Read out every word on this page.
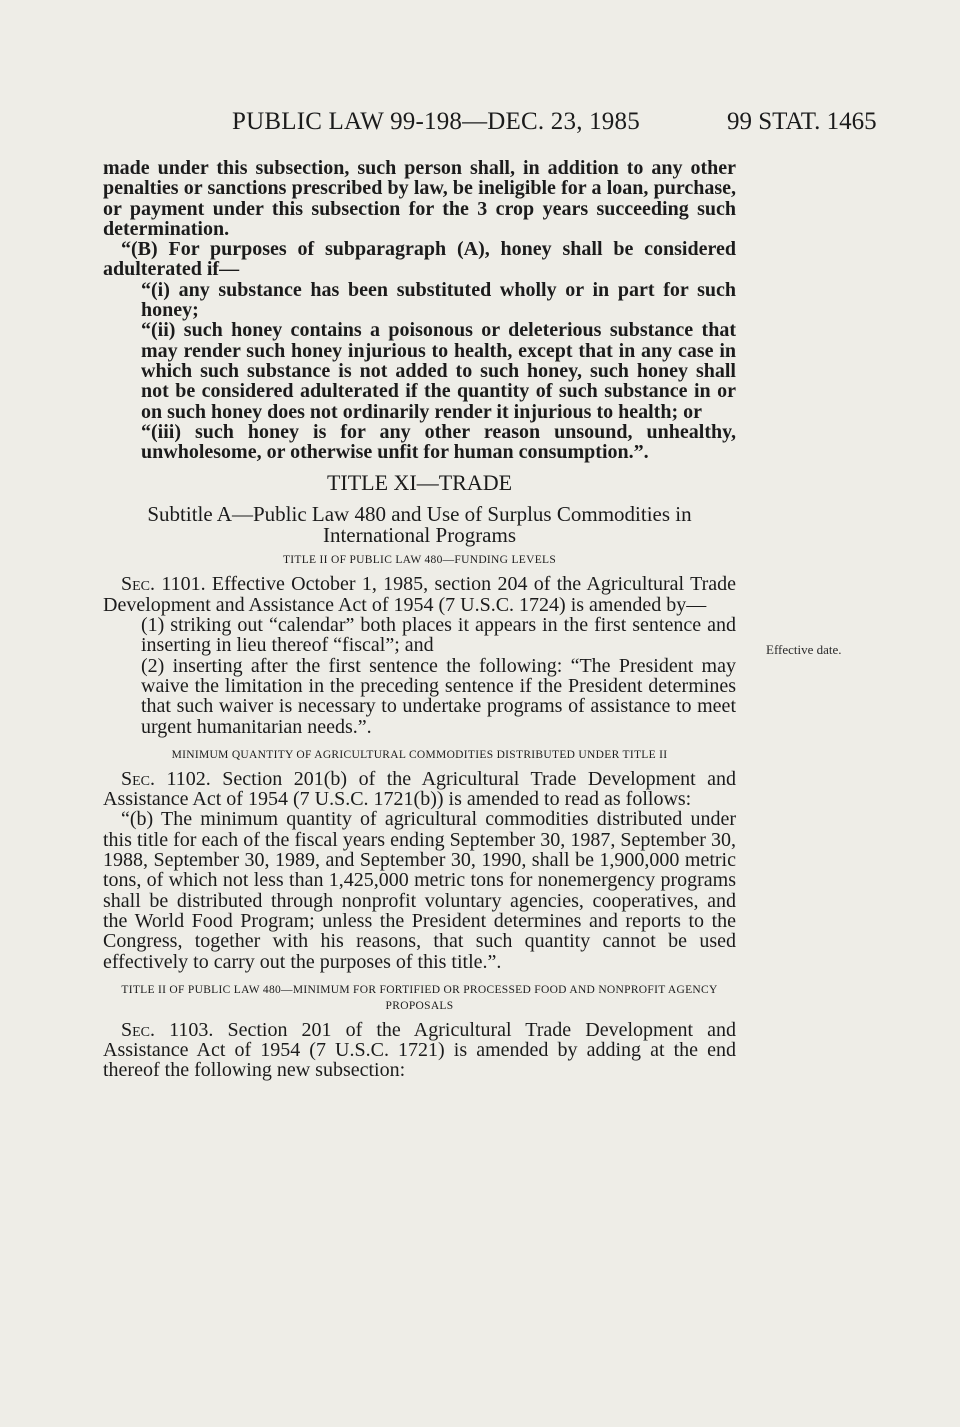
PUBLIC LAW 99-198—DEC. 23, 1985	99 STAT. 1465
Effective date.

made under this subsection, such person shall, in addition to any other penalties or sanctions prescribed by law, be ineligible for a loan, purchase, or payment under this subsection for the 3 crop years succeeding such determination.

“(B) For purposes of subparagraph (A), honey shall be considered adulterated if—

“(i) any substance has been substituted wholly or in part for such honey;

“(ii) such honey contains a poisonous or deleterious substance that may render such honey injurious to health, except that in any case in which such substance is not added to such honey, such honey shall not be considered adulterated if the quantity of such substance in or on such honey does not ordinarily render it injurious to health; or

“(iii) such honey is for any other reason unsound, unhealthy, unwholesome, or otherwise unfit for human consumption.”.

TITLE XI—TRADE

Subtitle A—Public Law 480 and Use of Surplus Commodities in International Programs

TITLE II OF PUBLIC LAW 480—FUNDING LEVELS

Sec. 1101. Effective October 1, 1985, section 204 of the Agricultural Trade Development and Assistance Act of 1954 (7 U.S.C. 1724) is amended by—

(1) striking out “calendar” both places it appears in the first sentence and inserting in lieu thereof “fiscal”; and

(2) inserting after the first sentence the following: “The President may waive the limitation in the preceding sentence if the President determines that such waiver is necessary to undertake programs of assistance to meet urgent humanitarian needs.”.

MINIMUM QUANTITY OF AGRICULTURAL COMMODITIES DISTRIBUTED UNDER TITLE II

Sec. 1102. Section 201(b) of the Agricultural Trade Development and Assistance Act of 1954 (7 U.S.C. 1721(b)) is amended to read as follows:

“(b) The minimum quantity of agricultural commodities distributed under this title for each of the fiscal years ending September 30, 1987, September 30, 1988, September 30, 1989, and September 30, 1990, shall be 1,900,000 metric tons, of which not less than 1,425,000 metric tons for nonemergency programs shall be distributed through nonprofit voluntary agencies, cooperatives, and the World Food Program; unless the President determines and reports to the Congress, together with his reasons, that such quantity cannot be used effectively to carry out the purposes of this title.”.

TITLE II OF PUBLIC LAW 480—MINIMUM FOR FORTIFIED OR PROCESSED FOOD AND NONPROFIT AGENCY PROPOSALS

Sec. 1103. Section 201 of the Agricultural Trade Development and Assistance Act of 1954 (7 U.S.C. 1721) is amended by adding at the end thereof the following new subsection:
